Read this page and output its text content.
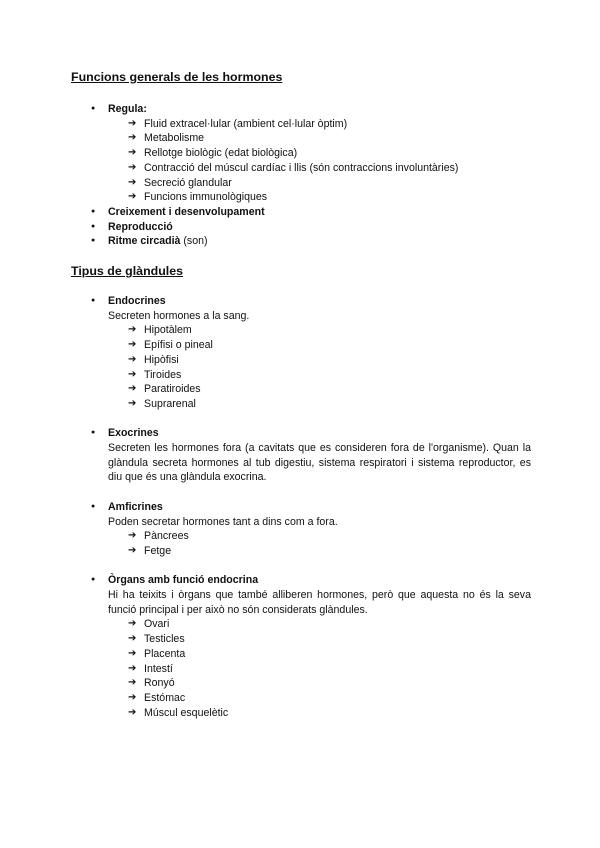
Funcions generals de les hormones
● Regula:
➔ Fluid extracel·lular (ambient cel·lular òptim)
➔ Metabolisme
➔ Rellotge biològic (edat biològica)
➔ Contracció del múscul cardíac i llis (són contraccions involuntàries)
➔ Secreció glandular
➔ Funcions immunològiques
● Creixement i desenvolupament
● Reproducció
● Ritme circadià (son)
Tipus de glàndules
● Endocrines
Secreten hormones a la sang.
➔ Hipotàlem
➔ Epífisi o pineal
➔ Hipòfisi
➔ Tiroides
➔ Paratiroides
➔ Suprarenal
● Exocrines
Secreten les hormones fora (a cavitats que es consideren fora de l'organisme). Quan la glàndula secreta hormones al tub digestiu, sistema respiratori i sistema reproductor, es diu que és una glàndula exocrina.
● Amficrines
Poden secretar hormones tant a dins com a fora.
➔ Pàncrees
➔ Fetge
● Òrgans amb funció endocrina
Hi ha teixits i òrgans que també alliberen hormones, però que aquesta no és la seva funció principal i per això no són considerats glàndules.
➔ Ovari
➔ Testicles
➔ Placenta
➔ Intestí
➔ Ronyó
➔ Estómac
➔ Múscul esquelètic
